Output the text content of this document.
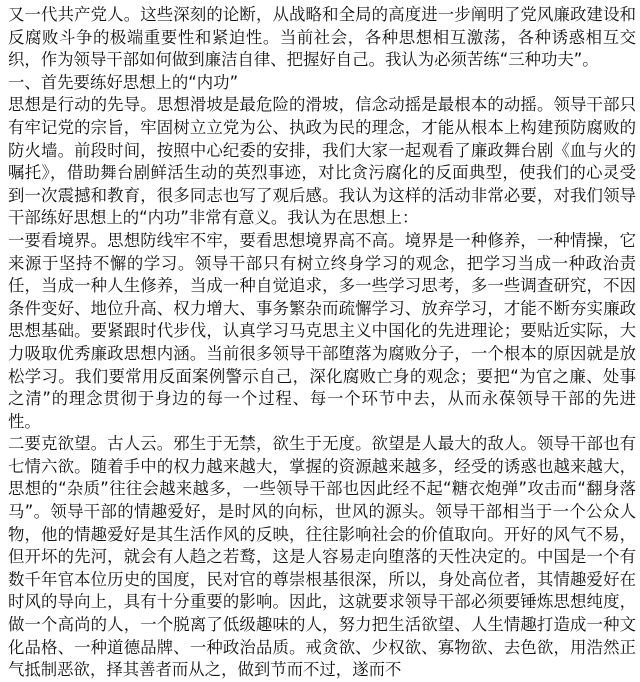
又一代共产党人。这些深刻的论断，从战略和全局的高度进一步阐明了党风廉政建设和反腐败斗争的极端重要性和紧迫性。当前社会，各种思想相互激荡，各种诱惑相互交织，作为领导干部如何做到廉洁自律、把握好自己。我认为必须苦练“三种功夫”。

一、首先要练好思想上的“内功”

思想是行动的先导。思想滑坡是最危险的滑坡，信念动摇是最根本的动摇。领导干部只有牢记党的宗旨，牢固树立立党为公、执政为民的理念，才能从根本上构建预防腐败的防火墙。前段时间，按照中心纪委的安排，我们大家一起观看了廉政舞台剧《血与火的嘱托》，借助舞台剧鲜活生动的英烈事迹，对比贪污腐化的反面典型，使我们的心灵受到一次震撼和教育，很多同志也写了观后感。我认为这样的活动非常必要，对我们领导干部练好思想上的“内功”非常有意义。我认为在思想上：

一要看境界。思想防线牢不牢，要看思想境界高不高。境界是一种修养，一种情操，它来源于坚持不懈的学习。领导干部只有树立终身学习的观念，把学习当成一种政治责任，当成一种人生修养，当成一种自觉追求，多一些学习思考，多一些调查研究，不因条件变好、地位升高、权力增大、事务繁杂而疏懈学习、放弃学习，才能不断夯实廉政思想基础。要紧跟时代步伐，认真学习马克思主义中国化的先进理论；要贴近实际，大力吸取优秀廉政思想内涵。当前很多领导干部堕落为腐败分子，一个根本的原因就是放松学习。我们要常用反面案例警示自己，深化腐败亡身的观念；要把“为官之廉、处事之清”的理念贯彻于身边的每一个过程、每一个环节中去，从而永葆领导干部的先进性。

二要克欲望。古人云。邪生于无禁，欲生于无度。欲望是人最大的敌人。领导干部也有七情六欲。随着手中的权力越来越大，掌握的资源越来越多，经受的诱惑也越来越大，思想的“杂质”往往会越来越多，一些领导干部也因此经不起“糖衣炮弹”攻击而“翻身落马”。领导干部的情趣爱好，是时风的向标，世风的源头。领导干部相当于一个公众人物，他的情趣爱好是其生活作风的反映，往往影响社会的价值取向。开好的风气不易，但开坏的先河，就会有人趋之若鹜，这是人容易走向堕落的天性决定的。中国是一个有数千年官本位历史的国度，民对官的尊崇根基很深，所以，身处高位者，其情趣爱好在时风的导向上，具有十分重要的影响。因此，这就要求领导干部必须要锤炼思想纯度，做一个高尚的人，一个脱离了低级趣味的人，努力把生活欲望、人生情趣打造成一种文化品格、一种道德品牌、一种政治品质。戒贪欲、少权欲、寡物欲、去色欲，用浩然正气抵制恶欲，择其善者而从之，做到节而不过，遂而不
